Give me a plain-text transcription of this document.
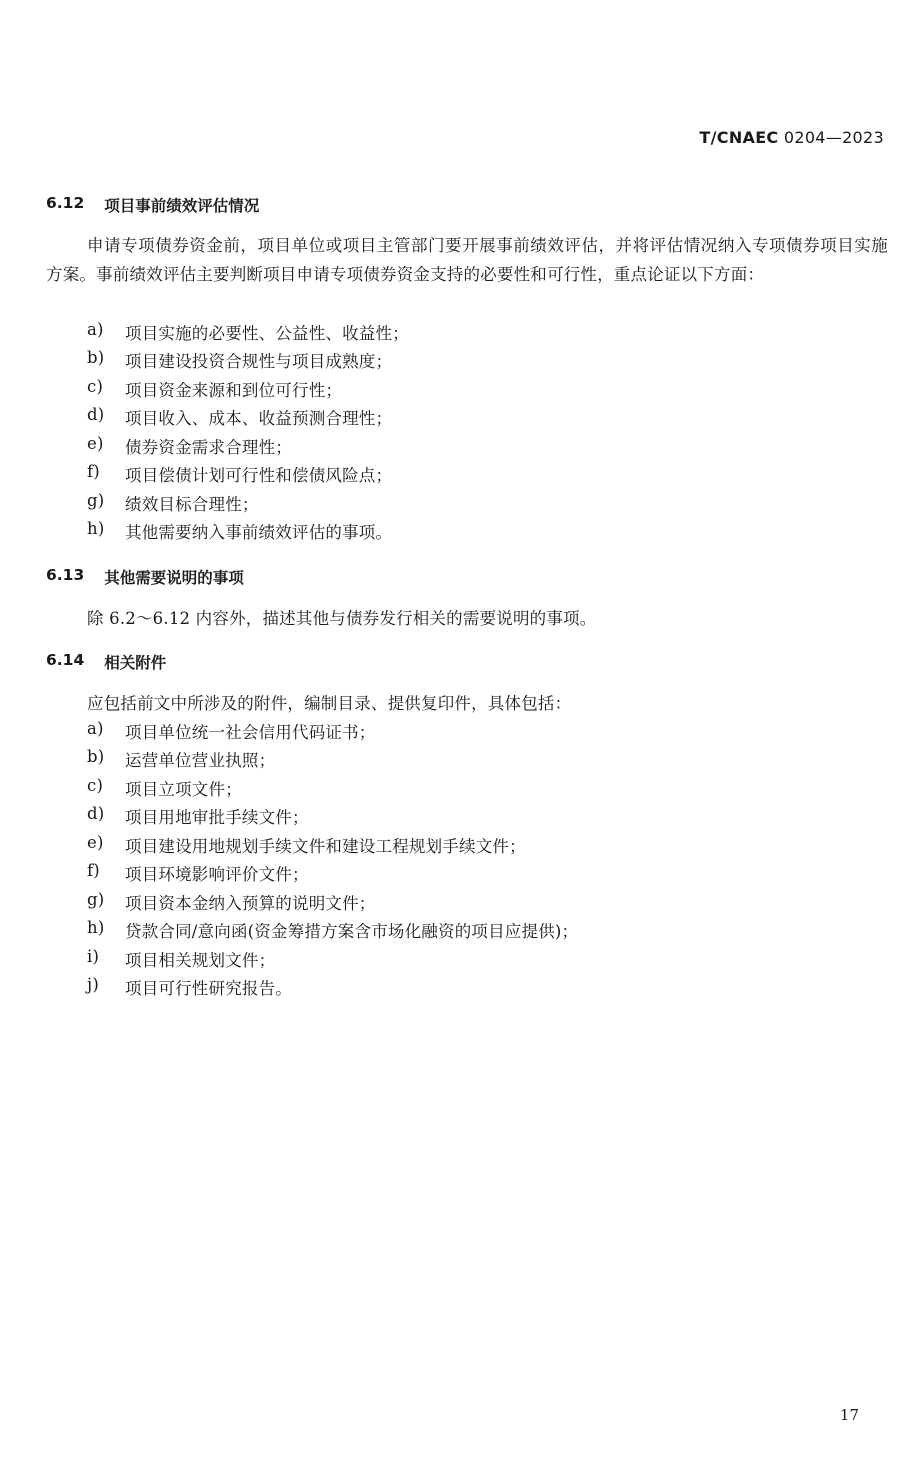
T/CNAEC 0204—2023
6.12 项目事前绩效评估情况
申请专项债券资金前，项目单位或项目主管部门要开展事前绩效评估，并将评估情况纳入专项债券项目实施方案。事前绩效评估主要判断项目申请专项债券资金支持的必要性和可行性，重点论证以下方面：
a)	项目实施的必要性、公益性、收益性；
b)	项目建设投资合规性与项目成熟度；
c)	项目资金来源和到位可行性；
d)	项目收入、成本、收益预测合理性；
e)	债券资金需求合理性；
f)	项目偿债计划可行性和偿债风险点；
g)	绩效目标合理性；
h)	其他需要纳入事前绩效评估的事项。
6.13 其他需要说明的事项
除 6.2～6.12 内容外，描述其他与债券发行相关的需要说明的事项。
6.14 相关附件
应包括前文中所涉及的附件，编制目录、提供复印件，具体包括：
a)	项目单位统一社会信用代码证书；
b)	运营单位营业执照；
c)	项目立项文件；
d)	项目用地审批手续文件；
e)	项目建设用地规划手续文件和建设工程规划手续文件；
f)	项目环境影响评价文件；
g)	项目资本金纳入预算的说明文件；
h)	贷款合同/意向函(资金筹措方案含市场化融资的项目应提供)；
i)	项目相关规划文件；
j)	项目可行性研究报告。
17
